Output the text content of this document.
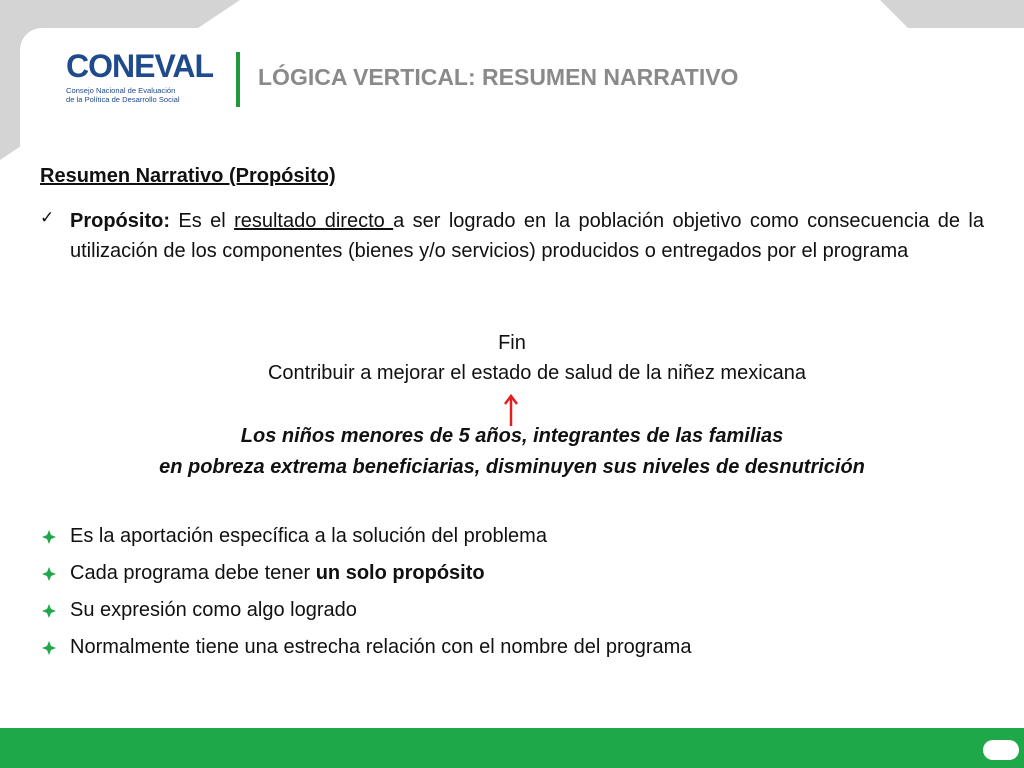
CONEVAL
Consejo Nacional de Evaluación
de la Política de Desarrollo Social
LÓGICA VERTICAL: RESUMEN NARRATIVO
Resumen Narrativo (Propósito)
✓ Propósito: Es el resultado directo a ser logrado en la población objetivo como consecuencia de la utilización de los componentes (bienes y/o servicios) producidos o entregados por el programa
Fin
Contribuir a mejorar el estado de salud de la niñez mexicana
Los niños menores de 5 años, integrantes de las familias
en pobreza extrema beneficiarias, disminuyen sus niveles de desnutrición
Es la aportación específica a la solución del problema
Cada programa debe tener un solo propósito
Su expresión como algo logrado
Normalmente tiene una estrecha relación con el nombre del programa
